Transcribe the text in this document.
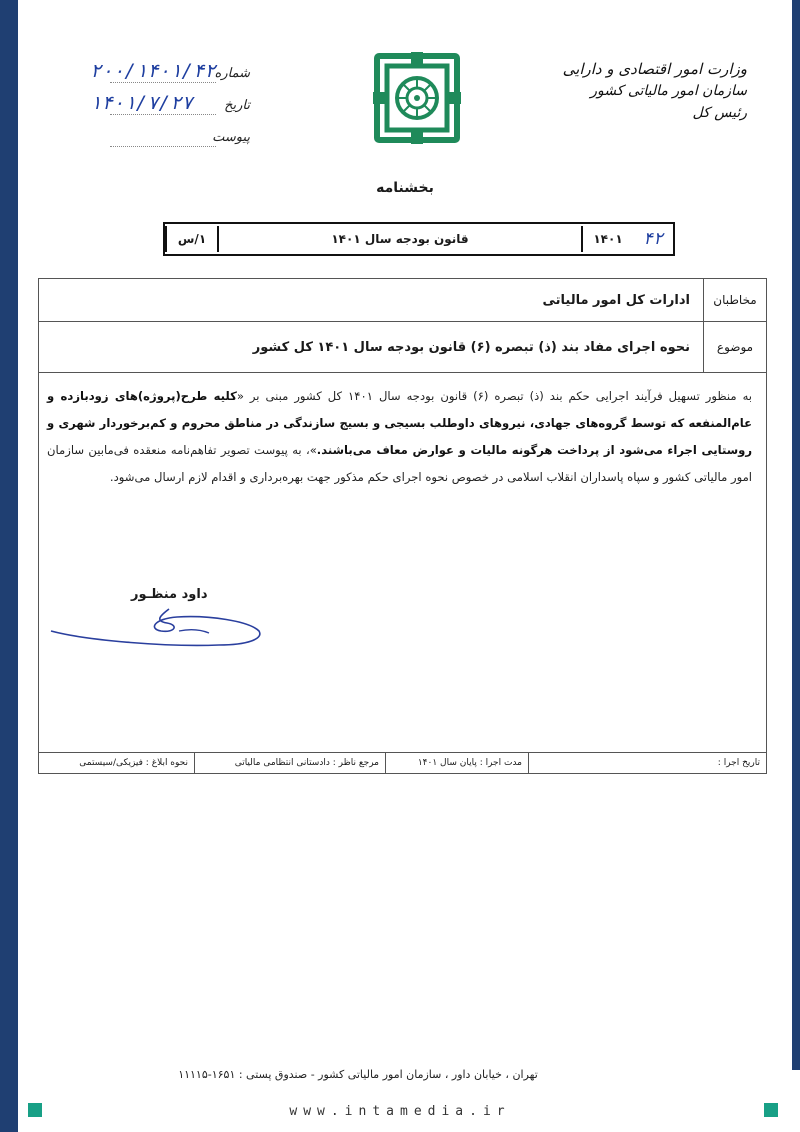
وزارت امور اقتصادی و دارایی
سازمان امور مالیاتی کشور
رئیس کل
۲۰۰/۱۴۰۱/۴۲
شماره
۱۴۰۱/۷/۲۷ تاریخ
پیوست
بخشنامه
۱/س	قانون بودجه سال ۱۴۰۱	۱۴۰۱	۴۲
مخاطبان
ادارات کل امور مالیاتی
موضوع
نحوه اجرای مفاد بند (ذ) تبصره (۶) قانون بودجه سال ۱۴۰۱ کل کشور
به منظور تسهیل فرآیند اجرایی حکم بند (ذ) تبصره (۶) قانون بودجه سال ۱۴۰۱ کل کشور مبنی بر «کلیه طرح(پروژه)های زودبازده و عام‌المنفعه که توسط گروه‌های جهادی، نیروهای داوطلب بسیجی و بسیج سازندگی در مناطق محروم و کم‌برخوردار شهری و روستایی اجراء می‌شود از پرداخت هرگونه مالیات و عوارض معاف می‌باشند.»، به پیوست تصویر تفاهم‌نامه منعقده فی‌مابین سازمان امور مالیاتی کشور و سپاه پاسداران انقلاب اسلامی در خصوص نحوه اجرای حکم مذکور جهت بهره‌برداری و اقدام لازم ارسال می‌شود.
داود منظـور
تاریخ اجرا :
مدت اجرا : پایان سال ۱۴۰۱
مرجع ناظر : دادستانی انتظامی مالیاتی
نحوه ابلاغ : فیزیکی/سیستمی
تهران ، خیابان داور ، سازمان امور مالیاتی کشور - صندوق پستی : ۱۶۵۱-۱۱۱۱۵
www.intamedia.ir
